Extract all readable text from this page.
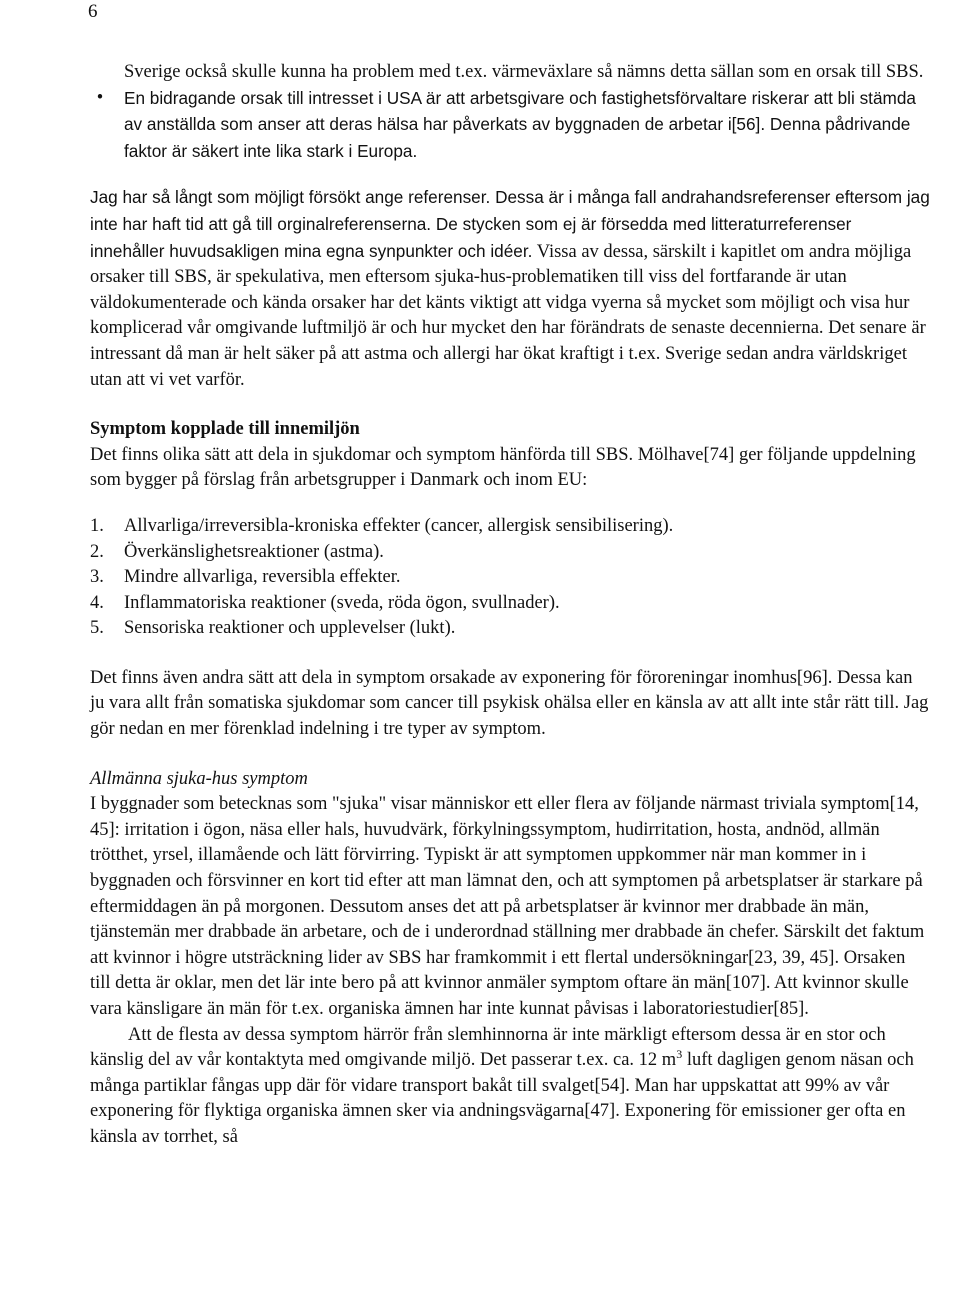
6

Sverige också skulle kunna ha problem med t.ex. värmeväxlare så nämns detta sällan som en orsak till SBS.

•	En bidragande orsak till intresset i USA är att arbetsgivare och fastighetsförvaltare riskerar att bli stämda av anställda som anser att deras hälsa har påverkats av byggnaden de arbetar i[56]. Denna pådrivande faktor är säkert inte lika stark i Europa.

Jag har så långt som möjligt försökt ange referenser. Dessa är i många fall andrahandsreferenser eftersom jag inte har haft tid att gå till orginalreferenserna. De stycken som ej är försedda med litteraturreferenser innehåller huvudsakligen mina egna synpunkter och idéer. Vissa av dessa, särskilt i kapitlet om andra möjliga orsaker till SBS, är spekulativa, men eftersom sjuka-hus-problematiken till viss del fortfarande är utan väldokumenterade och kända orsaker har det känts viktigt att vidga vyerna så mycket som möjligt och visa hur komplicerad vår omgivande luftmiljö är och hur mycket den har förändrats de senaste decennierna. Det senare är intressant då man är helt säker på att astma och allergi har ökat kraftigt i t.ex. Sverige sedan andra världskriget utan att vi vet varför.

Symptom kopplade till innemiljön

Det finns olika sätt att dela in sjukdomar och symptom hänförda till SBS. Mölhave[74] ger följande uppdelning som bygger på förslag från arbetsgrupper i Danmark och inom EU:

1. Allvarliga/irreversibla-kroniska effekter (cancer, allergisk sensibilisering).
2. Överkänslighetsreaktioner (astma).
3. Mindre allvarliga, reversibla effekter.
4. Inflammatoriska reaktioner (sveda, röda ögon, svullnader).
5. Sensoriska reaktioner och upplevelser (lukt).

Det finns även andra sätt att dela in symptom orsakade av exponering för föroreningar inomhus[96]. Dessa kan ju vara allt från somatiska sjukdomar som cancer till psykisk ohälsa eller en känsla av att allt inte står rätt till. Jag gör nedan en mer förenklad indelning i tre typer av symptom.

Allmänna sjuka-hus symptom

I byggnader som betecknas som "sjuka" visar människor ett eller flera av följande närmast triviala symptom[14, 45]: irritation i ögon, näsa eller hals, huvudvärk, förkylningssymptom, hudirritation, hosta, andnöd, allmän trötthet, yrsel, illamående och lätt förvirring. Typiskt är att symptomen uppkommer när man kommer in i byggnaden och försvinner en kort tid efter att man lämnat den, och att symptomen på arbetsplatser är starkare på eftermiddagen än på morgonen. Dessutom anses det att på arbetsplatser är kvinnor mer drabbade än män, tjänstemän mer drabbade än arbetare, och de i underordnad ställning mer drabbade än chefer. Särskilt det faktum att kvinnor i högre utsträckning lider av SBS har framkommit i ett flertal undersökningar[23, 39, 45]. Orsaken till detta är oklar, men det lär inte bero på att kvinnor anmäler symptom oftare än män[107]. Att kvinnor skulle vara känsligare än män för t.ex. organiska ämnen har inte kunnat påvisas i laboratoriestudier[85].

Att de flesta av dessa symptom härrör från slemhinnorna är inte märkligt eftersom dessa är en stor och känslig del av vår kontaktyta med omgivande miljö. Det passerar t.ex. ca. 12 $m^3$ luft dagligen genom näsan och många partiklar fångas upp där för vidare transport bakåt till svalget[54]. Man har uppskattat att 99% av vår exponering för flyktiga organiska ämnen sker via andningsvägarna[47]. Exponering för emissioner ger ofta en känsla av torrhet, så
